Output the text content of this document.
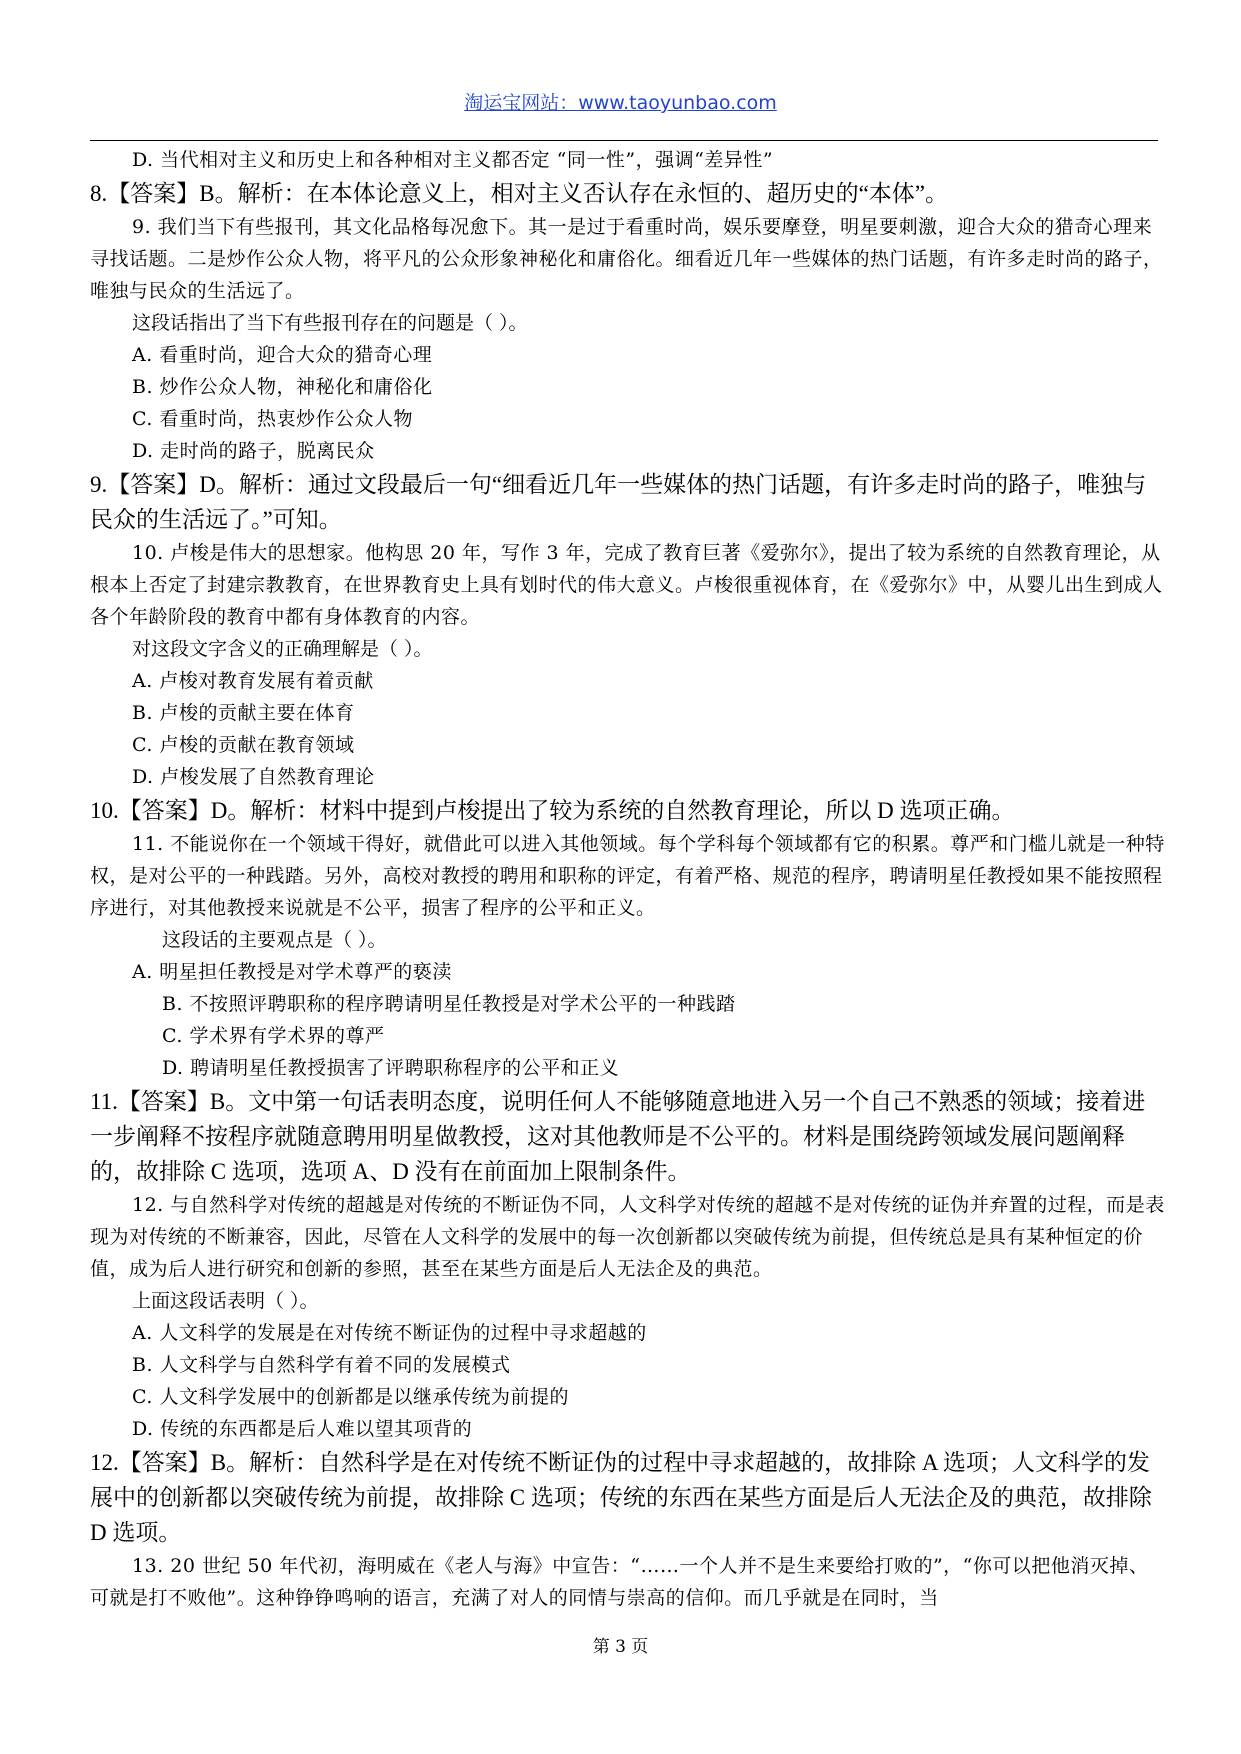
淘运宝网站：www.taoyunbao.com

D. 当代相对主义和历史上和各种相对主义都否定 “同一性”，强调“差异性”

8.【答案】B。解析：在本体论意义上，相对主义否认存在永恒的、超历史的“本体”。

9. 我们当下有些报刊，其文化品格每况愈下。其一是过于看重时尚，娱乐要摩登，明星要刺激，迎合大众的猎奇心理来寻找话题。二是炒作公众人物，将平凡的公众形象神秘化和庸俗化。细看近几年一些媒体的热门话题，有许多走时尚的路子，唯独与民众的生活远了。

这段话指出了当下有些报刊存在的问题是（ ）。

A. 看重时尚，迎合大众的猎奇心理

B. 炒作公众人物，神秘化和庸俗化

C. 看重时尚，热衷炒作公众人物

D. 走时尚的路子，脱离民众

9.【答案】D。解析：通过文段最后一句“细看近几年一些媒体的热门话题，有许多走时尚的路子，唯独与民众的生活远了。”可知。

10. 卢梭是伟大的思想家。他构思 20 年，写作 3 年，完成了教育巨著《爱弥尔》，提出了较为系统的自然教育理论，从根本上否定了封建宗教教育，在世界教育史上具有划时代的伟大意义。卢梭很重视体育，在《爱弥尔》中，从婴儿出生到成人各个年龄阶段的教育中都有身体教育的内容。

对这段文字含义的正确理解是（ ）。

A. 卢梭对教育发展有着贡献

B. 卢梭的贡献主要在体育

C. 卢梭的贡献在教育领域

D. 卢梭发展了自然教育理论

10.【答案】D。解析：材料中提到卢梭提出了较为系统的自然教育理论，所以 D 选项正确。

11. 不能说你在一个领域干得好，就借此可以进入其他领域。每个学科每个领域都有它的积累。尊严和门槛儿就是一种特权，是对公平的一种践踏。另外，高校对教授的聘用和职称的评定，有着严格、规范的程序，聘请明星任教授如果不能按照程序进行，对其他教授来说就是不公平，损害了程序的公平和正义。

这段话的主要观点是（ ）。

A. 明星担任教授是对学术尊严的亵渎

B. 不按照评聘职称的程序聘请明星任教授是对学术公平的一种践踏

C. 学术界有学术界的尊严

D. 聘请明星任教授损害了评聘职称程序的公平和正义

11.【答案】B。文中第一句话表明态度，说明任何人不能够随意地进入另一个自己不熟悉的领域；接着进一步阐释不按程序就随意聘用明星做教授，这对其他教师是不公平的。材料是围绕跨领域发展问题阐释的，故排除 C 选项，选项 A、D 没有在前面加上限制条件。

12. 与自然科学对传统的超越是对传统的不断证伪不同，人文科学对传统的超越不是对传统的证伪并弃置的过程，而是表现为对传统的不断兼容，因此，尽管在人文科学的发展中的每一次创新都以突破传统为前提，但传统总是具有某种恒定的价值，成为后人进行研究和创新的参照，甚至在某些方面是后人无法企及的典范。

上面这段话表明（ ）。

A. 人文科学的发展是在对传统不断证伪的过程中寻求超越的

B. 人文科学与自然科学有着不同的发展模式

C. 人文科学发展中的创新都是以继承传统为前提的

D. 传统的东西都是后人难以望其项背的

12.【答案】B。解析：自然科学是在对传统不断证伪的过程中寻求超越的，故排除 A 选项；人文科学的发展中的创新都以突破传统为前提，故排除 C 选项；传统的东西在某些方面是后人无法企及的典范，故排除 D 选项。

13. 20 世纪 50 年代初，海明威在《老人与海》中宣告：“……一个人并不是生来要给打败的”，“你可以把他消灭掉、可就是打不败他”。这种铮铮鸣响的语言，充满了对人的同情与崇高的信仰。而几乎就是在同时，当

第 3 页
